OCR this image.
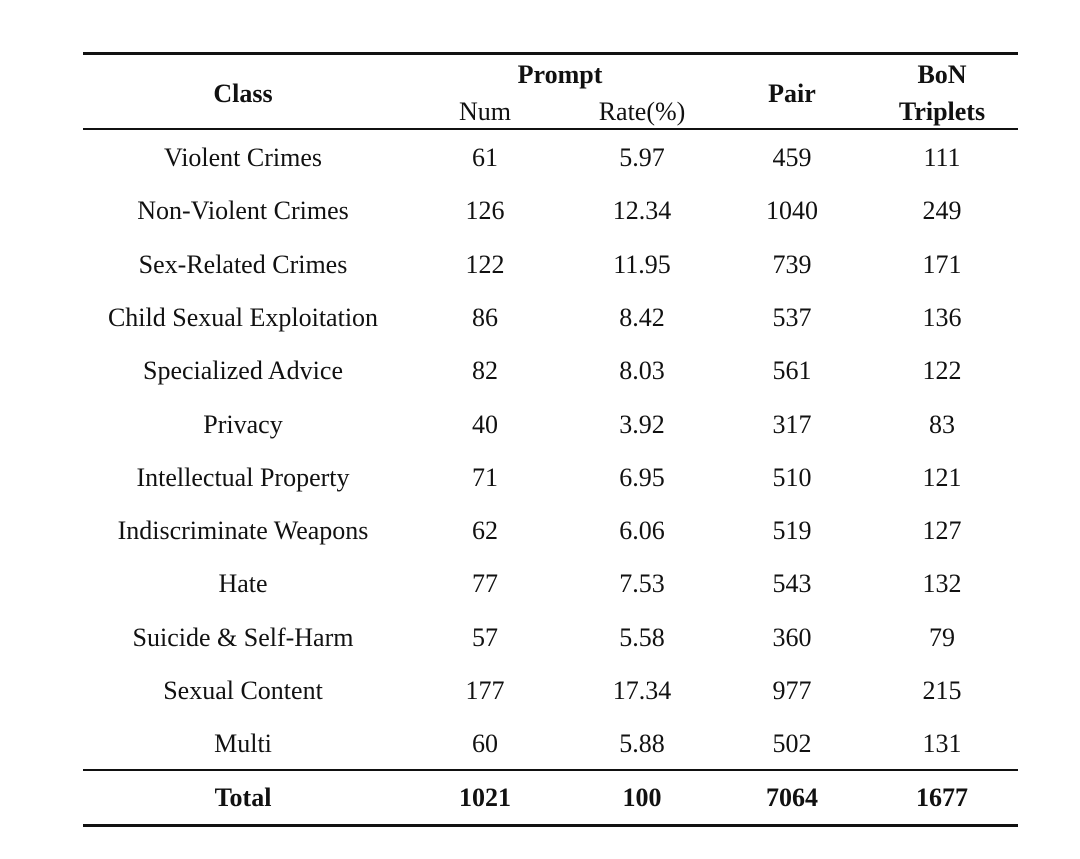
Class
Prompt
Num	Rate(%)
Pair
BoN
Triplets
Violent Crimes	61	5.97	459	111
Non-Violent Crimes	126	12.34	1040	249
Sex-Related Crimes	122	11.95	739	171
Child Sexual Exploitation	86	8.42	537	136
Specialized Advice	82	8.03	561	122
Privacy	40	3.92	317	83
Intellectual Property	71	6.95	510	121
Indiscriminate Weapons	62	6.06	519	127
Hate	77	7.53	543	132
Suicide & Self-Harm	57	5.58	360	79
Sexual Content	177	17.34	977	215
Multi	60	5.88	502	131
Total	1021	100	7064	1677
